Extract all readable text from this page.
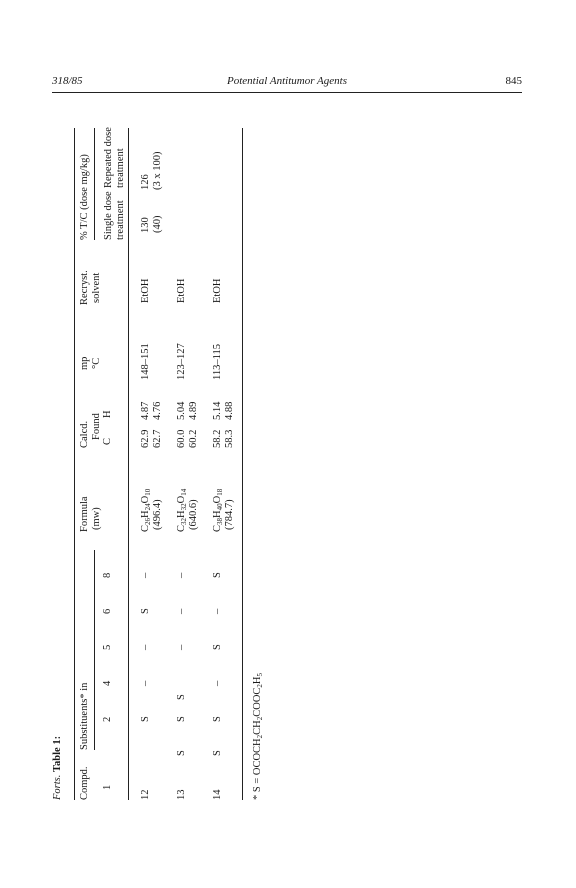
318/85	Potential Antitumor Agents	845
Forts. Table 1:
Compd.
Substituents* in
Formula
Calcd.
mp
Recryst.
% T/C (dose mg/kg)
(mw)
Found
°C
solvent
1
2
4
5
6
8
C
H
Single dose
Repeated dose
treatment
treatment
12
S
–
–
S
–
$C_{26}H_{24}O_{10}$
(496.4)
62.9
4.87
62.7
4.76
148–151
EtOH
130 (40)
126 (3 x 100)
13
S
S
S
–
–
–
$C_{32}H_{32}O_{14}$
(640.6)
60.0
5.04
60.2
4.89
123–127
EtOH
14
S
S
–
S
–
S
$C_{38}H_{40}O_{18}$
(784.7)
58.2
5.14
58.3
4.88
113–115
EtOH
* $S = OCOCH_2CH_2COOC_2H_5$
